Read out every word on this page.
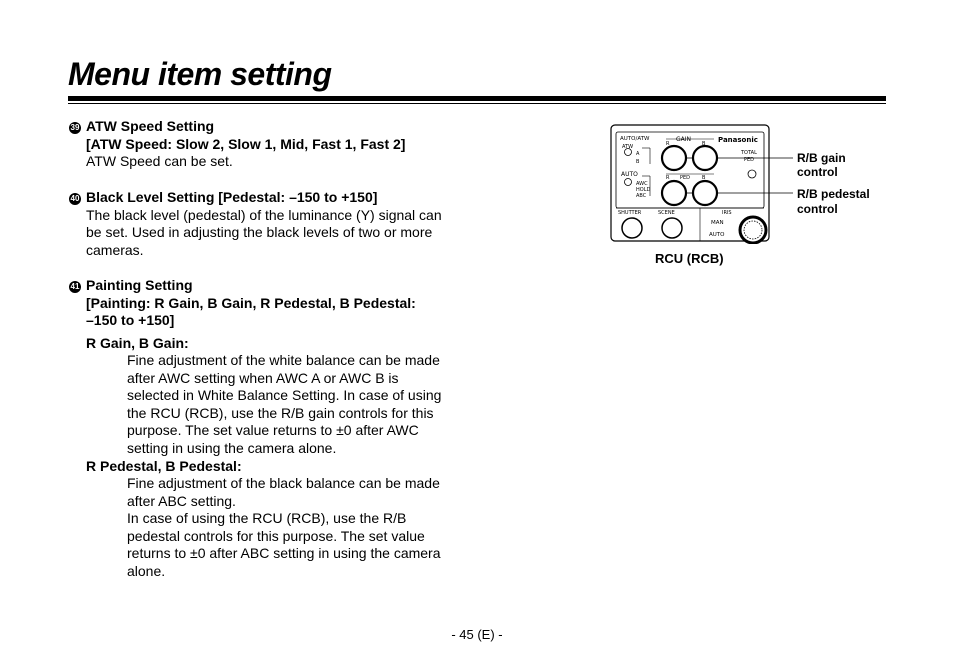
Menu item setting
39 ATW Speed Setting
[ATW Speed: Slow 2, Slow 1, Mid, Fast 1, Fast 2]
ATW Speed can be set.
40 Black Level Setting [Pedestal: –150 to +150]
The black level (pedestal) of the luminance (Y) signal can
be set. Used in adjusting the black levels of two or more
cameras.
41 Painting Setting
[Painting: R Gain, B Gain, R Pedestal, B Pedestal:
–150 to +150]
R Gain, B Gain:
Fine adjustment of the white balance can be made
after AWC setting when AWC A or AWC B is
selected in White Balance Setting. In case of using
the RCU (RCB), use the R/B gain controls for this
purpose. The set value returns to ±0 after AWC
setting in using the camera alone.
R Pedestal, B Pedestal:
Fine adjustment of the black balance can be made
after ABC setting.
In case of using the RCU (RCB), use the R/B
pedestal controls for this purpose. The set value
returns to ±0 after ABC setting in using the camera
alone.
AUTO/ATW
ATW
A
B
AUTO
AWC
HOLD
ABC
GAIN
R	B
R PED B
Panasonic
TOTAL
PED
SHUTTER	SCENE	IRIS
MAN
AUTO
R/B gain
control
R/B pedestal
control
RCU (RCB)
- 45 (E) -
